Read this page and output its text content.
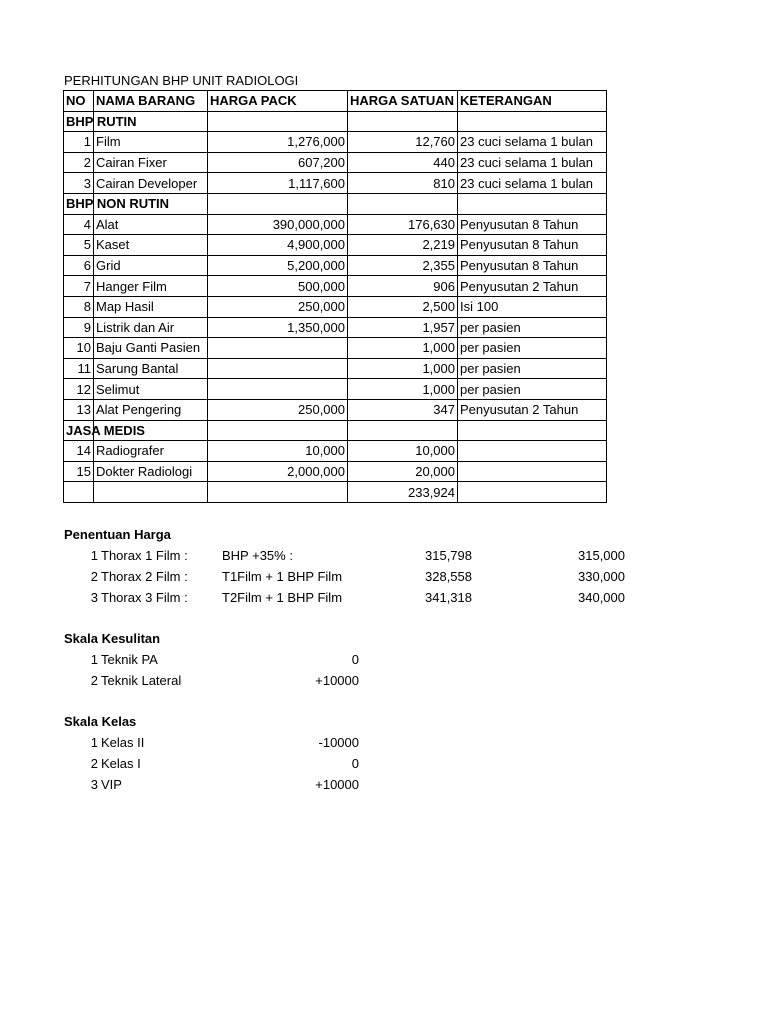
PERHITUNGAN BHP UNIT RADIOLOGI
NO	NAMA BARANG	HARGA PACK	HARGA SATUAN	KETERANGAN

BHP RUTIN				

1	Film	1,276,000	12,760	23 cuci selama 1 bulan
2	Cairan Fixer	607,200	440	23 cuci selama 1 bulan
3	Cairan Developer	1,117,600	810	23 cuci selama 1 bulan

BHP NON RUTIN				

4	Alat	390,000,000	176,630	Penyusutan 8 Tahun
5	Kaset	4,900,000	2,219	Penyusutan 8 Tahun
6	Grid	5,200,000	2,355	Penyusutan 8 Tahun
7	Hanger Film	500,000	906	Penyusutan 2 Tahun
8	Map Hasil	250,000	2,500	Isi 100
9	Listrik dan Air	1,350,000	1,957	per pasien
10	Baju Ganti Pasien		1,000	per pasien
11	Sarung Bantal		1,000	per pasien
12	Selimut		1,000	per pasien
13	Alat Pengering	250,000	347	Penyusutan 2 Tahun

JASA MEDIS				

14	Radiografer	10,000	10,000	
15	Dokter Radiologi	2,000,000	20,000	
			233,924	
Penentuan Harga
1 Thorax 1 Film :	BHP +35% :	315,798	315,000
2 Thorax 2 Film :	T1Film + 1 BHP Film	328,558	330,000
3 Thorax 3 Film :	T2Film + 1 BHP Film	341,318	340,000
Skala Kesulitan
1 Teknik PA	0
2 Teknik Lateral	+10000
Skala Kelas
1 Kelas II	-10000
2 Kelas I	0
3 VIP	+10000
